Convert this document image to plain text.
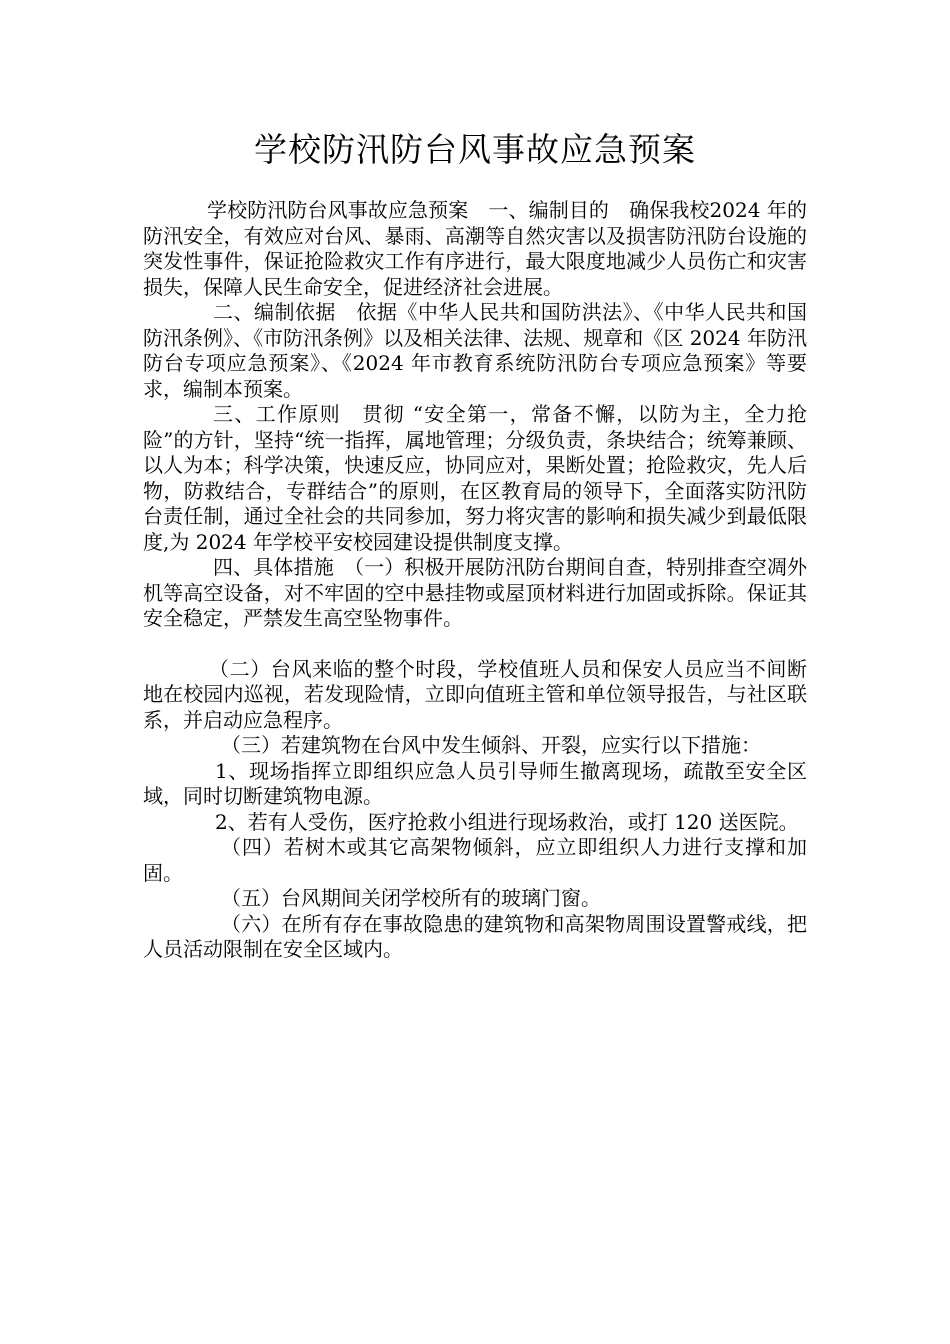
学校防汛防台风事故应急预案

学校防汛防台风事故应急预案　一、编制目的　确保我校2024 年的防汛安全，有效应对台风、暴雨、高潮等自然灾害以及损害防汛防台设施的突发性事件，保证抢险救灾工作有序进行，最大限度地减少人员伤亡和灾害损失，保障人民生命安全，促进经济社会进展。

二、编制依据　依据《中华人民共和国防洪法》、《中华人民共和国防汛条例》、《市防汛条例》以及相关法律、法规、规章和《区 2024 年防汛防台专项应急预案》、《2024 年市教育系统防汛防台专项应急预案》等要求，编制本预案。

三、工作原则　贯彻 “安全第一，常备不懈，以防为主，全力抢险”的方针，坚持“统一指挥，属地管理；分级负责，条块结合；统筹兼顾、以人为本；科学决策，快速反应，协同应对，果断处置；抢险救灾，先人后物，防救结合，专群结合”的原则，在区教育局的领导下，全面落实防汛防台责任制，通过全社会的共同参加，努力将灾害的影响和损失减少到最低限度,为 2024 年学校平安校园建设提供制度支撑。

四、具体措施　（一）积极开展防汛防台期间自查，特别排查空凋外机等高空设备，对不牢固的空中悬挂物或屋顶材料进行加固或拆除。保证其安全稳定，严禁发生高空坠物事件。

（二）台风来临的整个时段，学校值班人员和保安人员应当不间断地在校园内巡视，若发现险情，立即向值班主管和单位领导报告，与社区联系，并启动应急程序。

（三）若建筑物在台风中发生倾斜、开裂，应实行以下措施：

1、现场指挥立即组织应急人员引导师生撤离现场，疏散至安全区域，同时切断建筑物电源。

2、若有人受伤，医疗抢救小组进行现场救治，或打 120 送医院。

（四）若树木或其它高架物倾斜，应立即组织人力进行支撑和加固。

（五）台风期间关闭学校所有的玻璃门窗。

（六）在所有存在事故隐患的建筑物和高架物周围设置警戒线，把人员活动限制在安全区域内。
